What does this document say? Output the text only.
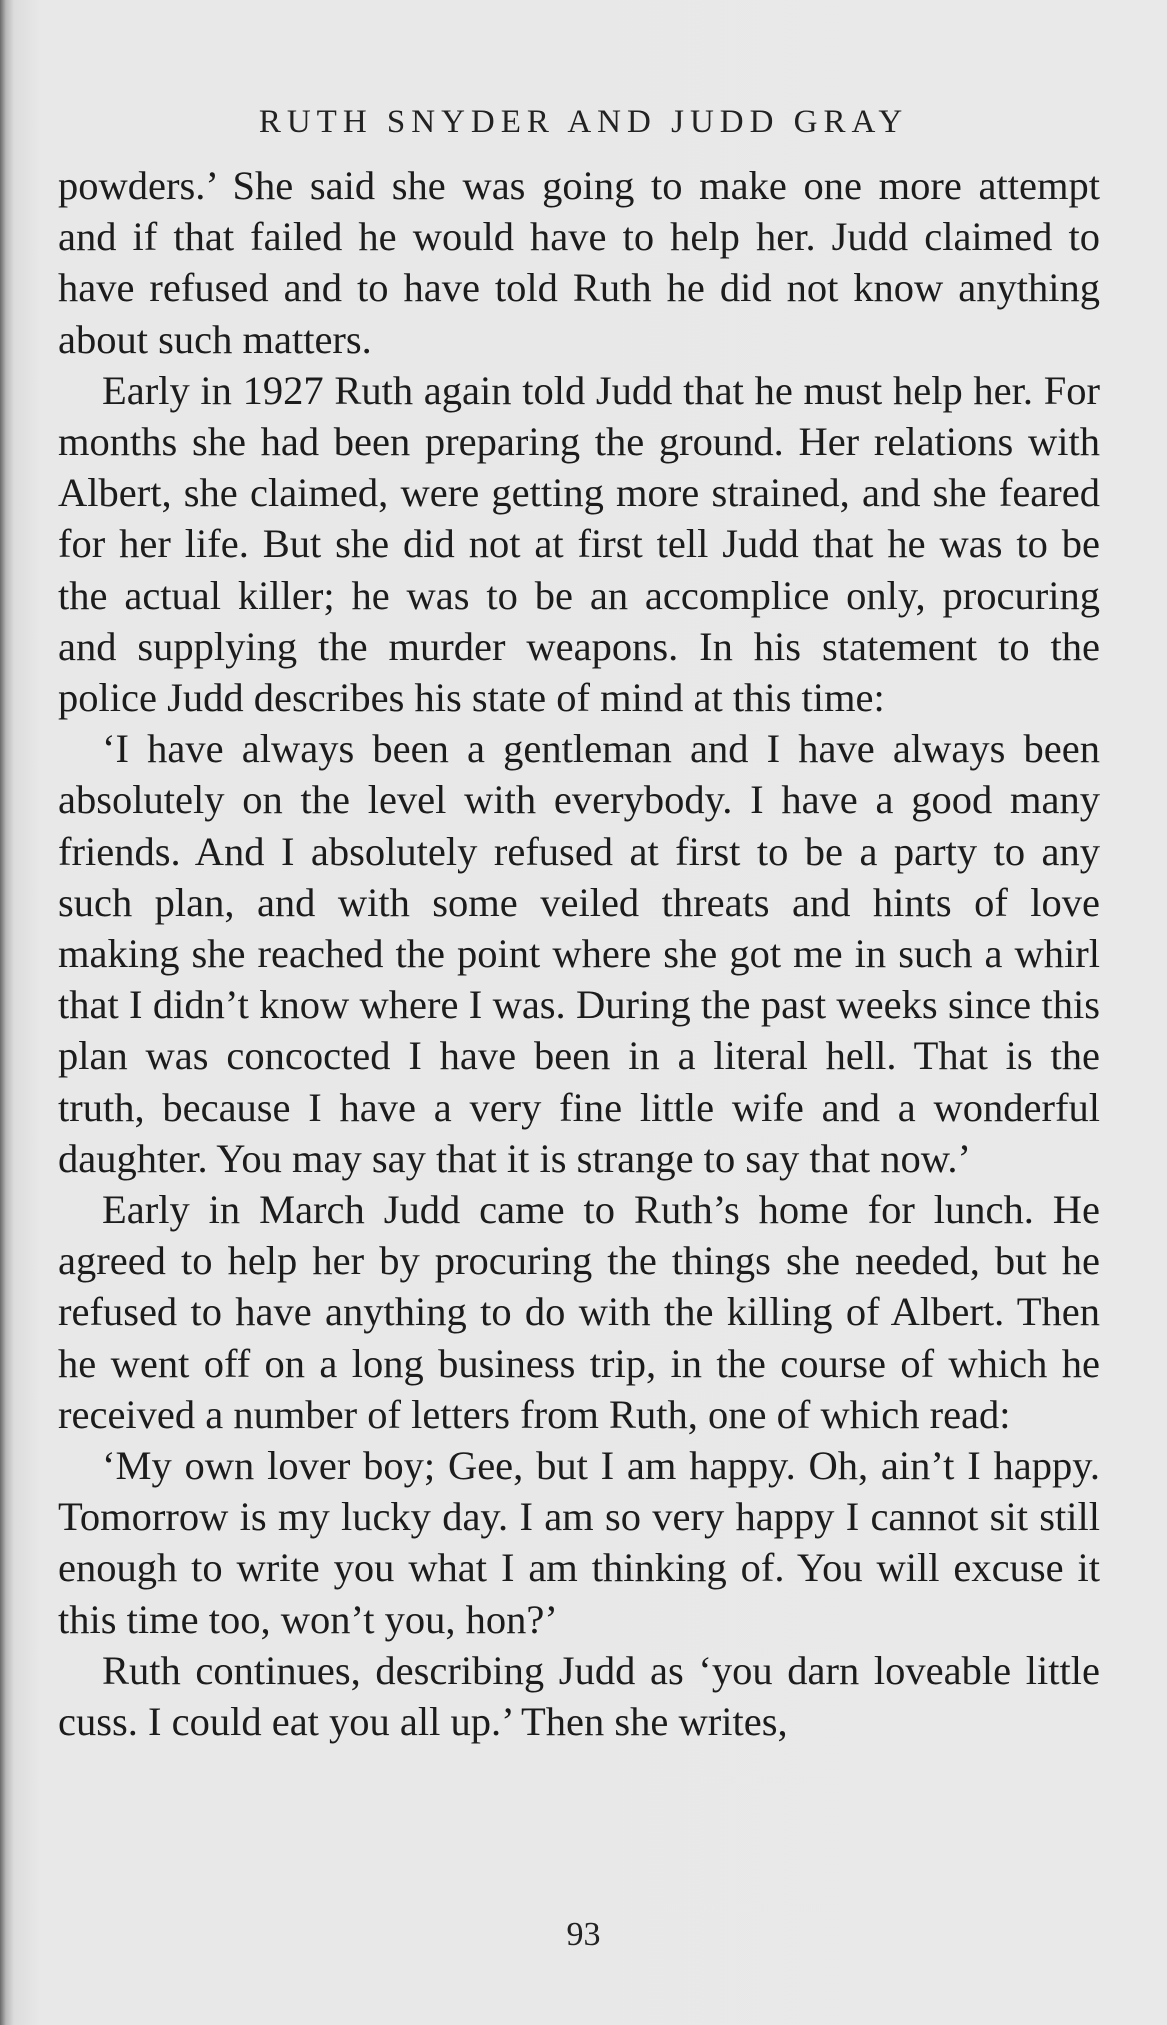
RUTH SNYDER AND JUDD GRAY

powders.’ She said she was going to make one more attempt and if that failed he would have to help her. Judd claimed to have refused and to have told Ruth he did not know anything about such matters.

Early in 1927 Ruth again told Judd that he must help her. For months she had been preparing the ground. Her relations with Albert, she claimed, were getting more strained, and she feared for her life. But she did not at first tell Judd that he was to be the actual killer; he was to be an accomplice only, procuring and supplying the murder weapons. In his statement to the police Judd describes his state of mind at this time:

‘I have always been a gentleman and I have always been absolutely on the level with everybody. I have a good many friends. And I absolutely refused at first to be a party to any such plan, and with some veiled threats and hints of love making she reached the point where she got me in such a whirl that I didn’t know where I was. During the past weeks since this plan was concocted I have been in a literal hell. That is the truth, because I have a very fine little wife and a wonderful daughter. You may say that it is strange to say that now.’

Early in March Judd came to Ruth’s home for lunch. He agreed to help her by procuring the things she needed, but he refused to have anything to do with the killing of Albert. Then he went off on a long business trip, in the course of which he received a number of letters from Ruth, one of which read:

‘My own lover boy; Gee, but I am happy. Oh, ain’t I happy. Tomorrow is my lucky day. I am so very happy I cannot sit still enough to write you what I am thinking of. You will excuse it this time too, won’t you, hon?’

Ruth continues, describing Judd as ‘you darn loveable little cuss. I could eat you all up.’ Then she writes,

93
